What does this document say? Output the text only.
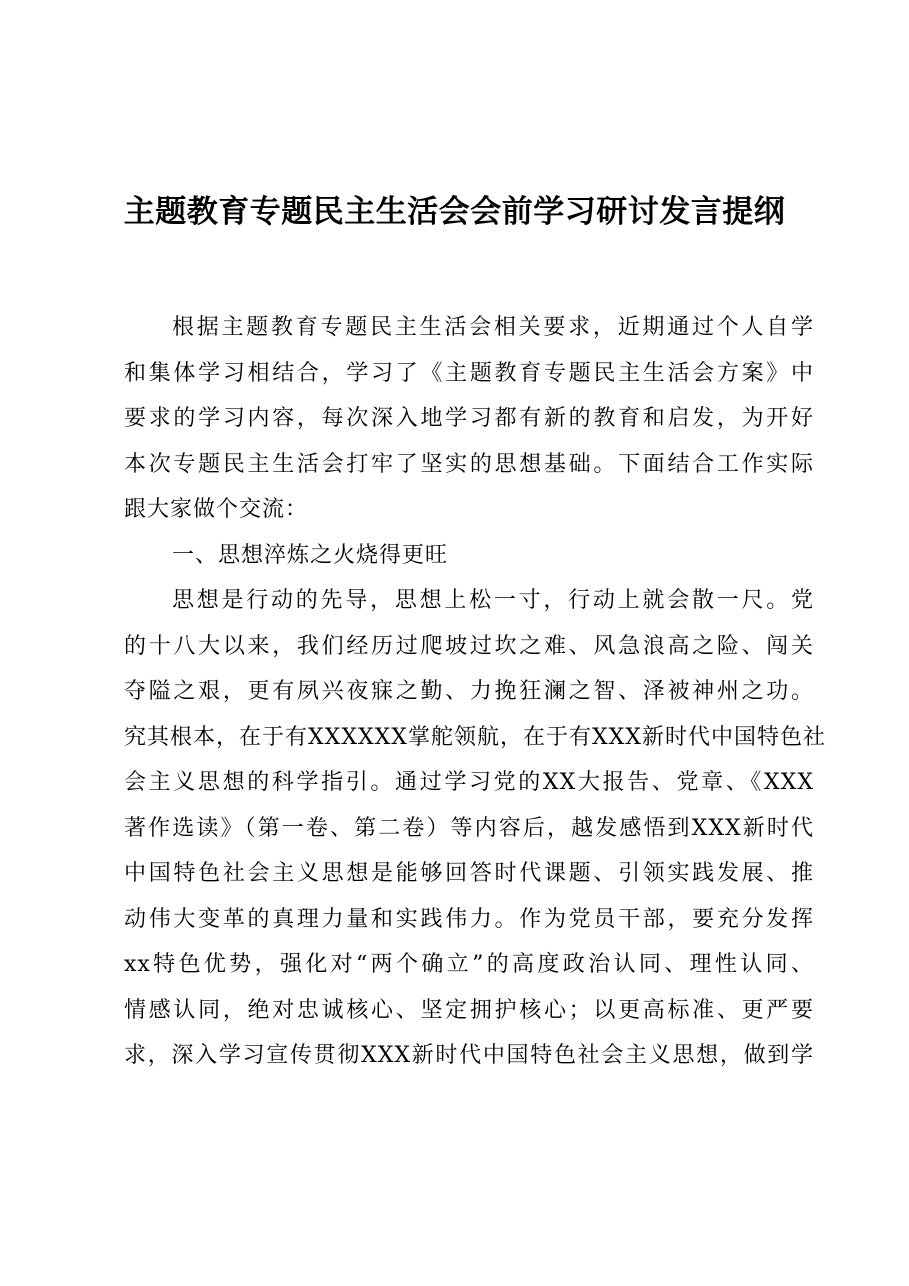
主题教育专题民主生活会会前学习研讨发言提纲
根据主题教育专题民主生活会相关要求，近期通过个人自学
和集体学习相结合，学习了《主题教育专题民主生活会方案》中
要求的学习内容，每次深入地学习都有新的教育和启发，为开好
本次专题民主生活会打牢了坚实的思想基础。下面结合工作实际
跟大家做个交流：
一、思想淬炼之火烧得更旺
思想是行动的先导，思想上松一寸，行动上就会散一尺。党
的十八大以来，我们经历过爬坡过坎之难、风急浪高之险、闯关
夺隘之艰，更有夙兴夜寐之勤、力挽狂澜之智、泽被神州之功。
究其根本，在于有XXXXXX掌舵领航，在于有XXX新时代中国特色社
会主义思想的科学指引。通过学习党的XX大报告、党章、《XXX
著作选读》（第一卷、第二卷）等内容后，越发感悟到XXX新时代
中国特色社会主义思想是能够回答时代课题、引领实践发展、推
动伟大变革的真理力量和实践伟力。作为党员干部，要充分发挥
xx特色优势，强化对“两个确立”的高度政治认同、理性认同、
情感认同，绝对忠诚核心、坚定拥护核心；以更高标准、更严要
求，深入学习宣传贯彻XXX新时代中国特色社会主义思想，做到学
